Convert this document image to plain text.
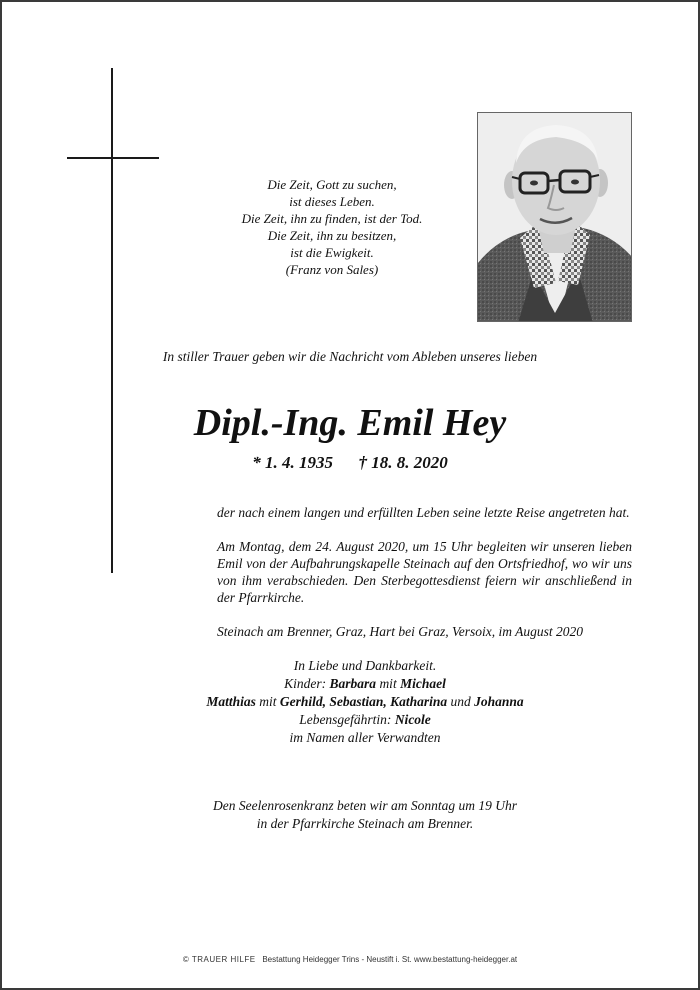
Die Zeit, Gott zu suchen,
ist dieses Leben.
Die Zeit, ihn zu finden, ist der Tod.
Die Zeit, ihn zu besitzen,
ist die Ewigkeit.
(Franz von Sales)
In stiller Trauer geben wir die Nachricht vom Ableben unseres lieben
Dipl.-Ing. Emil Hey
* 1. 4. 1935 † 18. 8. 2020
der nach einem langen und erfüllten Leben seine letzte Reise angetreten hat.
Am Montag, dem 24. August 2020, um 15 Uhr begleiten wir unseren lieben Emil von der Aufbahrungskapelle Steinach auf den Ortsfriedhof, wo wir uns von ihm verabschieden. Den Sterbegottesdienst feiern wir anschließend in der Pfarrkirche.
Steinach am Brenner, Graz, Hart bei Graz, Versoix, im August 2020
In Liebe und Dankbarkeit.
Kinder: Barbara mit Michael
Matthias mit Gerhild, Sebastian, Katharina und Johanna
Lebensgefährtin: Nicole
im Namen aller Verwandten
Den Seelenrosenkranz beten wir am Sonntag um 19 Uhr
in der Pfarrkirche Steinach am Brenner.
© TRAUER HILFE Bestattung Heidegger Trins - Neustift i. St. www.bestattung-heidegger.at
